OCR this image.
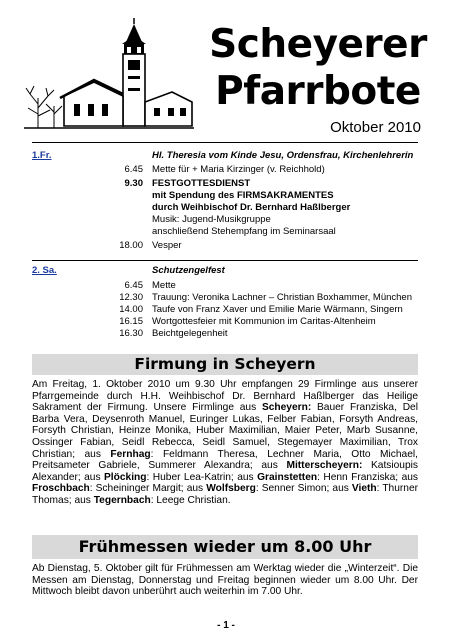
Scheyerer
Pfarrbote
Oktober 2010
1.Fr.	Hl. Theresia vom Kinde Jesu, Ordensfrau, Kirchenlehrerin
6.45 Mette für + Maria Kirzinger (v. Reichhold)
9.30 FESTGOTTESDIENST
mit Spendung des FIRMSAKRAMENTES
durch Weihbischof Dr. Bernhard Haßlberger
Musik: Jugend-Musikgruppe
anschließend Stehempfang im Seminarsaal
18.00 Vesper
2. Sa.	Schutzengelfest
6.45 Mette
12.30 Trauung: Veronika Lachner – Christian Boxhammer, München
14.00 Taufe von Franz Xaver und Emilie Marie Wärmann, Singern
16.15 Wortgottesfeier mit Kommunion im Caritas-Altenheim
16.30 Beichtgelegenheit
Firmung in Scheyern
Am Freitag, 1. Oktober 2010 um 9.30 Uhr empfangen 29 Firmlinge aus unserer Pfarrgemeinde durch H.H. Weihbischof Dr. Bernhard Haßlberger das Heilige Sakrament der Firmung. Unsere Firmlinge aus Scheyern: Bauer Franziska, Del Barba Vera, Deysenroth Manuel, Euringer Lukas, Felber Fabian, Forsyth Andreas, Forsyth Christian, Heinze Monika, Huber Maximilian, Maier Peter, Marb Susanne, Ossinger Fabian, Seidl Rebecca, Seidl Samuel, Stegemayer Maximilian, Trox Christian; aus Fernhag: Feldmann Theresa, Lechner Maria, Otto Michael, Preitsameter Gabriele, Summerer Alexandra; aus Mitterscheyern: Katsioupis Alexander; aus Plöcking: Huber Lea-Katrin; aus Grainstetten: Henn Franziska; aus Froschbach: Scheininger Margit; aus Wolfsberg: Senner Simon; aus Vieth: Thurner Thomas; aus Tegernbach: Leege Christian.
Frühmessen wieder um 8.00 Uhr
Ab Dienstag, 5. Oktober gilt für Frühmessen am Werktag wieder die „Winterzeit“. Die Messen am Dienstag, Donnerstag und Freitag beginnen wieder um 8.00 Uhr. Der Mittwoch bleibt davon unberührt auch weiterhin im 7.00 Uhr.
- 1 -
